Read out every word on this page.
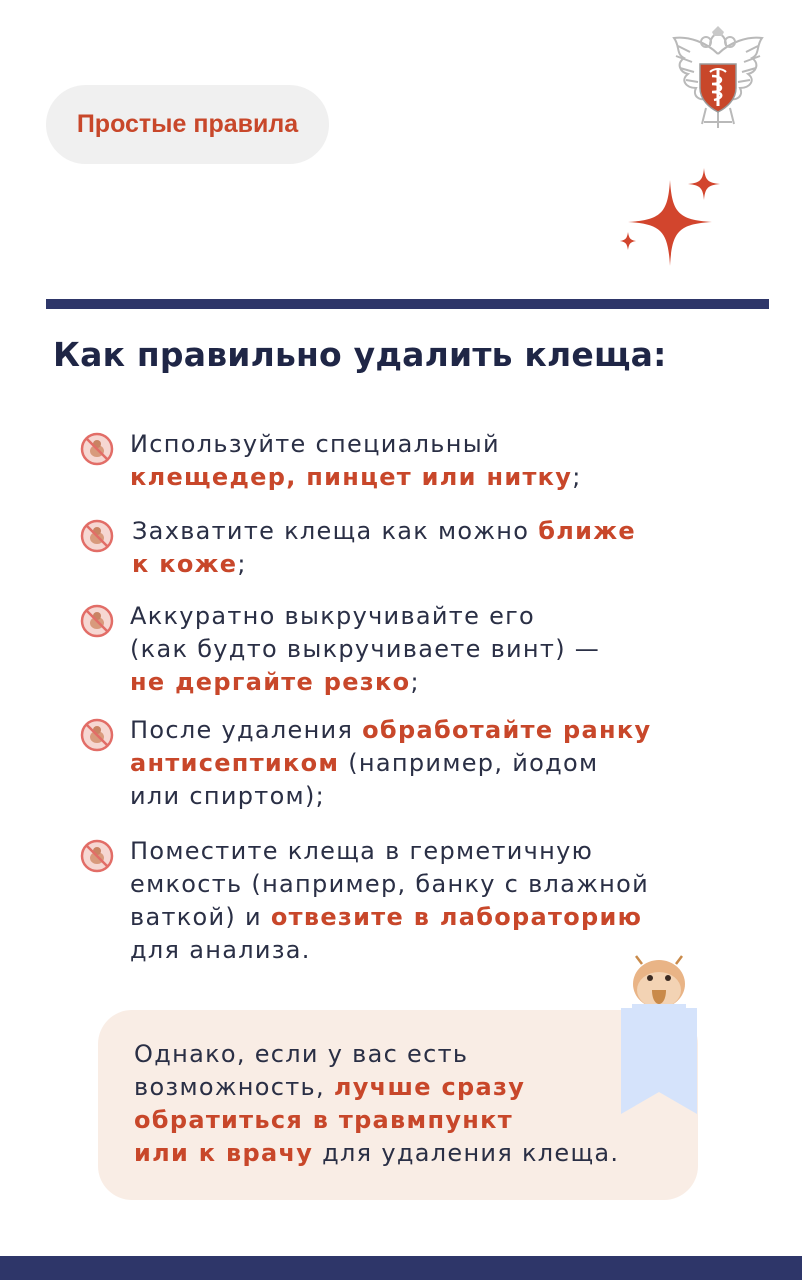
Простые правила
Как правильно удалить клеща:
Используйте специальный
клещедер, пинцет или нитку;
Захватите клеща как можно ближе
к коже;
Аккуратно выкручивайте его
(как будто выкручиваете винт) —
не дергайте резко;
После удаления обработайте ранку
антисептиком (например, йодом
или спиртом);
Поместите клеща в герметичную
емкость (например, банку с влажной
ваткой) и отвезите в лабораторию
для анализа.
Однако, если у вас есть
возможность, лучше сразу
обратиться в травмпункт
или к врачу для удаления клеща.
